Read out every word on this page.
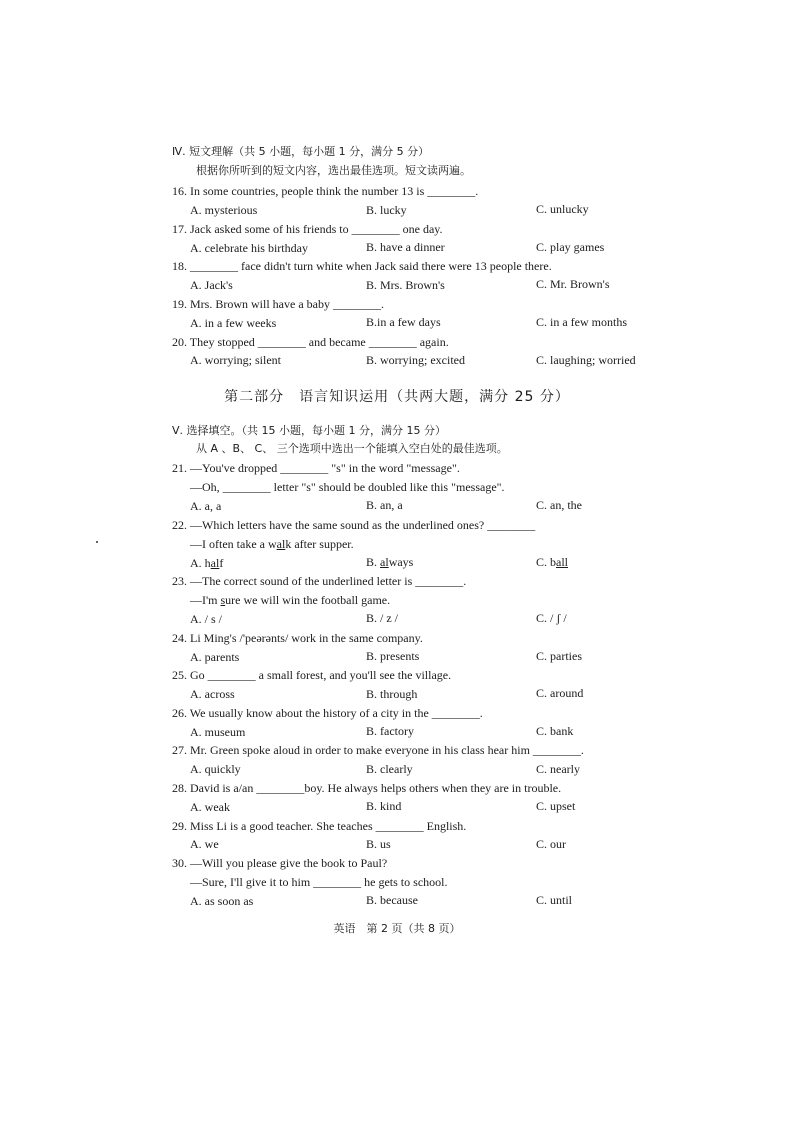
Ⅳ. 短文理解（共 5 小题，每小题 1 分，满分 5 分）
根据你所听到的短文内容，选出最佳选项。短文读两遍。
16. In some countries, people think the number 13 is ________.
A. mysterious	B. lucky	C. unlucky
17. Jack asked some of his friends to ________ one day.
A. celebrate his birthday	B. have a dinner	C. play games
18. ________ face didn't turn white when Jack said there were 13 people there.
A. Jack's	B. Mrs. Brown's	C. Mr. Brown's
19. Mrs. Brown will have a baby ________.
A. in a few weeks	B.in a few days	C. in a few months
20. They stopped ________ and became ________ again.
A. worrying; silent	B. worrying; excited	C. laughing; worried
第二部分　语言知识运用（共两大题，满分 25 分）
Ⅴ. 选择填空。（共 15 小题，每小题 1 分，满分 15 分）
从 A 、B、 C、 三个选项中选出一个能填入空白处的最佳选项。
21. —You've dropped ________ "s" in the word "message".
—Oh, ________ letter "s" should be doubled like this "message".
A. a, a	B. an, a	C. an, the
22. —Which letters have the same sound as the underlined ones? ________
—I often take a walk after supper.
A. half	B. always	C. ball
23. —The correct sound of the underlined letter is ________.
—I'm sure we will win the football game.
A. / s /	B. / z /	C. / ʃ /
24. Li Ming's /'peərənts/ work in the same company.
A. parents	B. presents	C. parties
25. Go ________ a small forest, and you'll see the village.
A. across	B. through	C. around
26. We usually know about the history of a city in the ________.
A. museum	B. factory	C. bank
27. Mr. Green spoke aloud in order to make everyone in his class hear him ________.
A. quickly	B. clearly	C. nearly
28. David is a/an ________boy. He always helps others when they are in trouble.
A. weak	B. kind	C. upset
29. Miss Li is a good teacher. She teaches ________ English.
A. we	B. us	C. our
30. —Will you please give the book to Paul?
—Sure, I'll give it to him ________ he gets to school.
A. as soon as	B. because	C. until
英语　第 2 页（共 8 页）
